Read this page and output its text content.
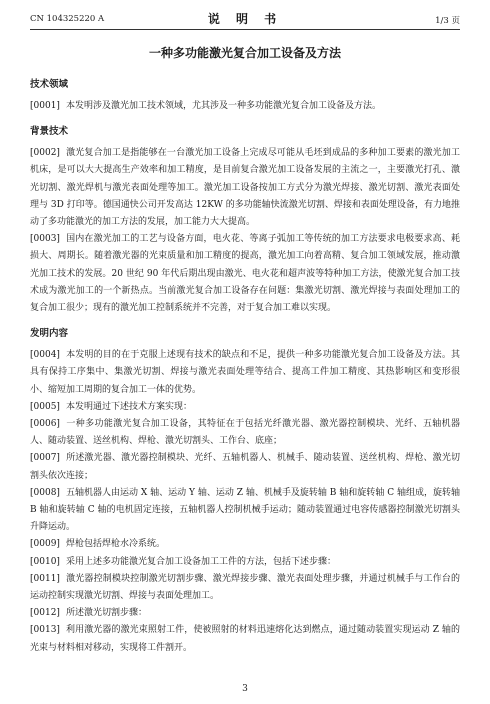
CN 104325220 A	说 明 书	1/3 页
一种多功能激光复合加工设备及方法

技术领域

[0001] 本发明涉及激光加工技术领域，尤其涉及一种多功能激光复合加工设备及方法。

背景技术

[0002] 激光复合加工是指能够在一台激光加工设备上完成尽可能从毛坯到成品的多种加工要素的激光加工机床，是可以大大提高生产效率和加工精度，是目前复合激光加工设备发展的主流之一，主要激光打孔、激光切割、激光焊机与激光表面处理等加工。激光加工设备按加工方式分为激光焊接、激光切割、激光表面处理与 3D 打印等。德国通快公司开发高达 12KW 的多功能轴快流激光切割、焊接和表面处理设备，有力地推动了多功能激光的加工方法的发展，加工能力大大提高。

[0003] 国内在激光加工的工艺与设备方面，电火花、等离子弧加工等传统的加工方法要求电极要求高、耗损大、周期长。随着激光器的光束质量和加工精度的提高，激光加工向着高精、复合加工领域发展，推动激光加工技术的发展。20 世纪 90 年代后期出现由激光、电火花和超声波等特种加工方法，使激光复合加工技术成为激光加工的一个新热点。当前激光复合加工设备存在问题：集激光切割、激光焊接与表面处理加工的复合加工很少；现有的激光加工控制系统并不完善，对于复合加工难以实现。

发明内容

[0004] 本发明的目的在于克服上述现有技术的缺点和不足，提供一种多功能激光复合加工设备及方法。其具有保持工序集中、集激光切割、焊接与激光表面处理等结合、提高工件加工精度、其热影响区和变形很小、缩短加工周期的复合加工一体的优势。

[0005] 本发明通过下述技术方案实现：

[0006] 一种多功能激光复合加工设备，其特征在于包括光纤激光器、激光器控制模块、光纤、五轴机器人、随动装置、送丝机构、焊枪、激光切割头、工作台、底座；

[0007] 所述激光器、激光器控制模块、光纤、五轴机器人、机械手、随动装置、送丝机构、焊枪、激光切割头依次连接；

[0008] 五轴机器人由运动 X 轴、运动 Y 轴、运动 Z 轴、机械手及旋转轴 B 轴和旋转轴 C 轴组成，旋转轴 B 轴和旋转轴 C 轴的电机固定连接，五轴机器人控制机械手运动；随动装置通过电容传感器控制激光切割头升降运动。

[0009] 焊枪包括焊枪水冷系统。

[0010] 采用上述多功能激光复合加工设备加工工件的方法，包括下述步骤：

[0011] 激光器控制模块控制激光切割步骤、激光焊接步骤、激光表面处理步骤，并通过机械手与工作台的运动控制实现激光切割、焊接与表面处理加工。

[0012] 所述激光切割步骤：

[0013] 利用激光器的激光束照射工件，使被照射的材料迅速熔化达到燃点，通过随动装置实现运动 Z 轴的光束与材料相对移动，实现将工件割开。

3
